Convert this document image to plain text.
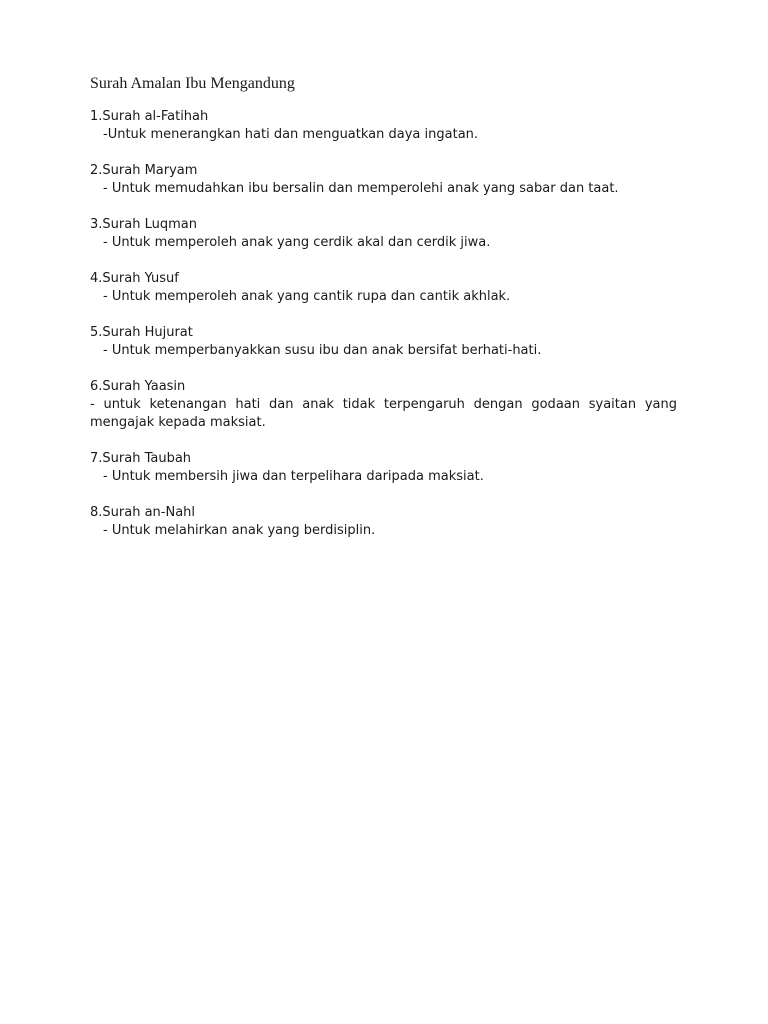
Surah Amalan Ibu Mengandung
1.Surah al-Fatihah
-Untuk menerangkan hati dan menguatkan daya ingatan.
2.Surah Maryam
- Untuk memudahkan ibu bersalin dan memperolehi anak yang sabar dan taat.
3.Surah Luqman
- Untuk memperoleh anak yang cerdik akal dan cerdik jiwa.
4.Surah Yusuf
- Untuk memperoleh anak yang cantik rupa dan cantik akhlak.
5.Surah Hujurat
- Untuk memperbanyakkan susu ibu dan anak bersifat berhati-hati.
6.Surah Yaasin
- untuk ketenangan hati dan anak tidak terpengaruh dengan godaan syaitan yang mengajak kepada maksiat.
7.Surah Taubah
- Untuk membersih jiwa dan terpelihara daripada maksiat.
8.Surah an-Nahl
- Untuk melahirkan anak yang berdisiplin.
